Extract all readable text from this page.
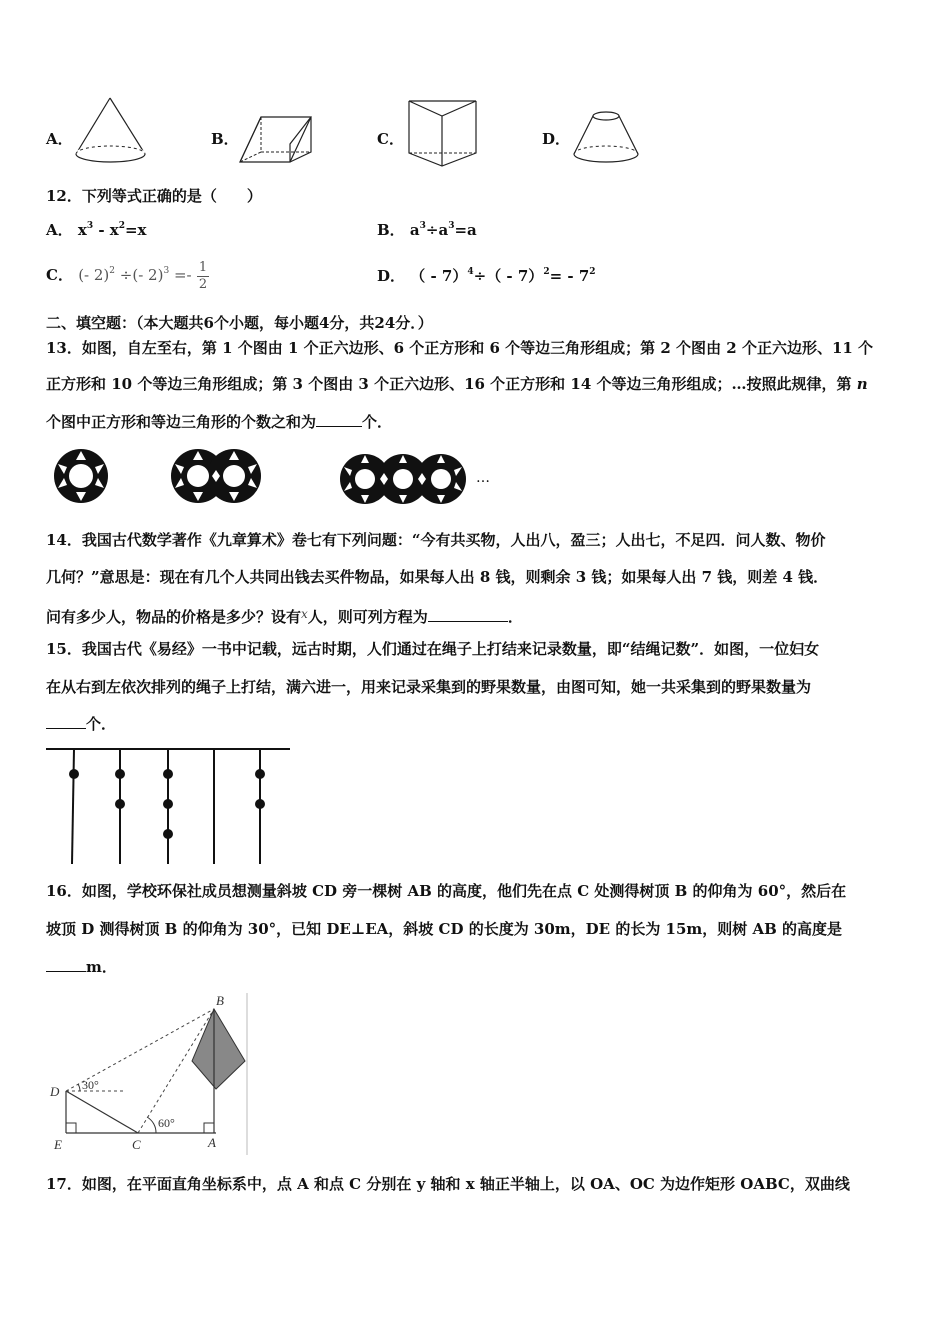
A．	B．	C．	D．
12．下列等式正确的是（　　）
A． $x^3 - x^2=x$	B． $a^3\div a^3=a$
C． (- 2)$^2$ ÷(- $2)^3 =- \frac{1}{2}$	D． （ - $7)^4\div( - 7)^2= - 7^2$
二、填空题：（本大题共6个小题，每小题4分，共24分．）
13．如图，自左至右，第 1 个图由 1 个正六边形、6 个正方形和 6 个等边三角形组成；第 2 个图由 2 个正六边形、11 个
正方形和 10 个等边三角形组成；第 3 个图由 3 个正六边形、16 个正方形和 14 个等边三角形组成；…按照此规律，第 n
个图中正方形和等边三角形的个数之和为	个．
…
14．我国古代数学著作《九章算术》卷七有下列问题：“今有共买物，人出八，盈三；人出七，不足四．问人数、物价
几何？”意思是：现在有几个人共同出钱去买件物品，如果每人出 8 钱，则剩余 3 钱；如果每人出 7 钱，则差 4 钱．
问有多少人，物品的价格是多少？设有$^x$人，则可列方程为	．
15．我国古代《易经》一书中记载，远古时期，人们通过在绳子上打结来记录数量，即“结绳记数”．如图，一位妇女
在从右到左依次排列的绳子上打结，满六进一，用来记录采集到的野果数量，由图可知，她一共采集到的野果数量为
个．
16．如图，学校环保社成员想测量斜坡 CD 旁一棵树 AB 的高度，他们先在点 C 处测得树顶 B 的仰角为 60°，然后在
坡顶 D 测得树顶 B 的仰角为 30°，已知 DE⊥EA，斜坡 CD 的长度为 30m，DE 的长为 15m，则树 AB 的高度是
m．
B
D 30°
E	C
60°
A
17．如图，在平面直角坐标系中，点 A 和点 C 分别在 y 轴和 x 轴正半轴上，以 OA、OC 为边作矩形 OABC，双曲线
